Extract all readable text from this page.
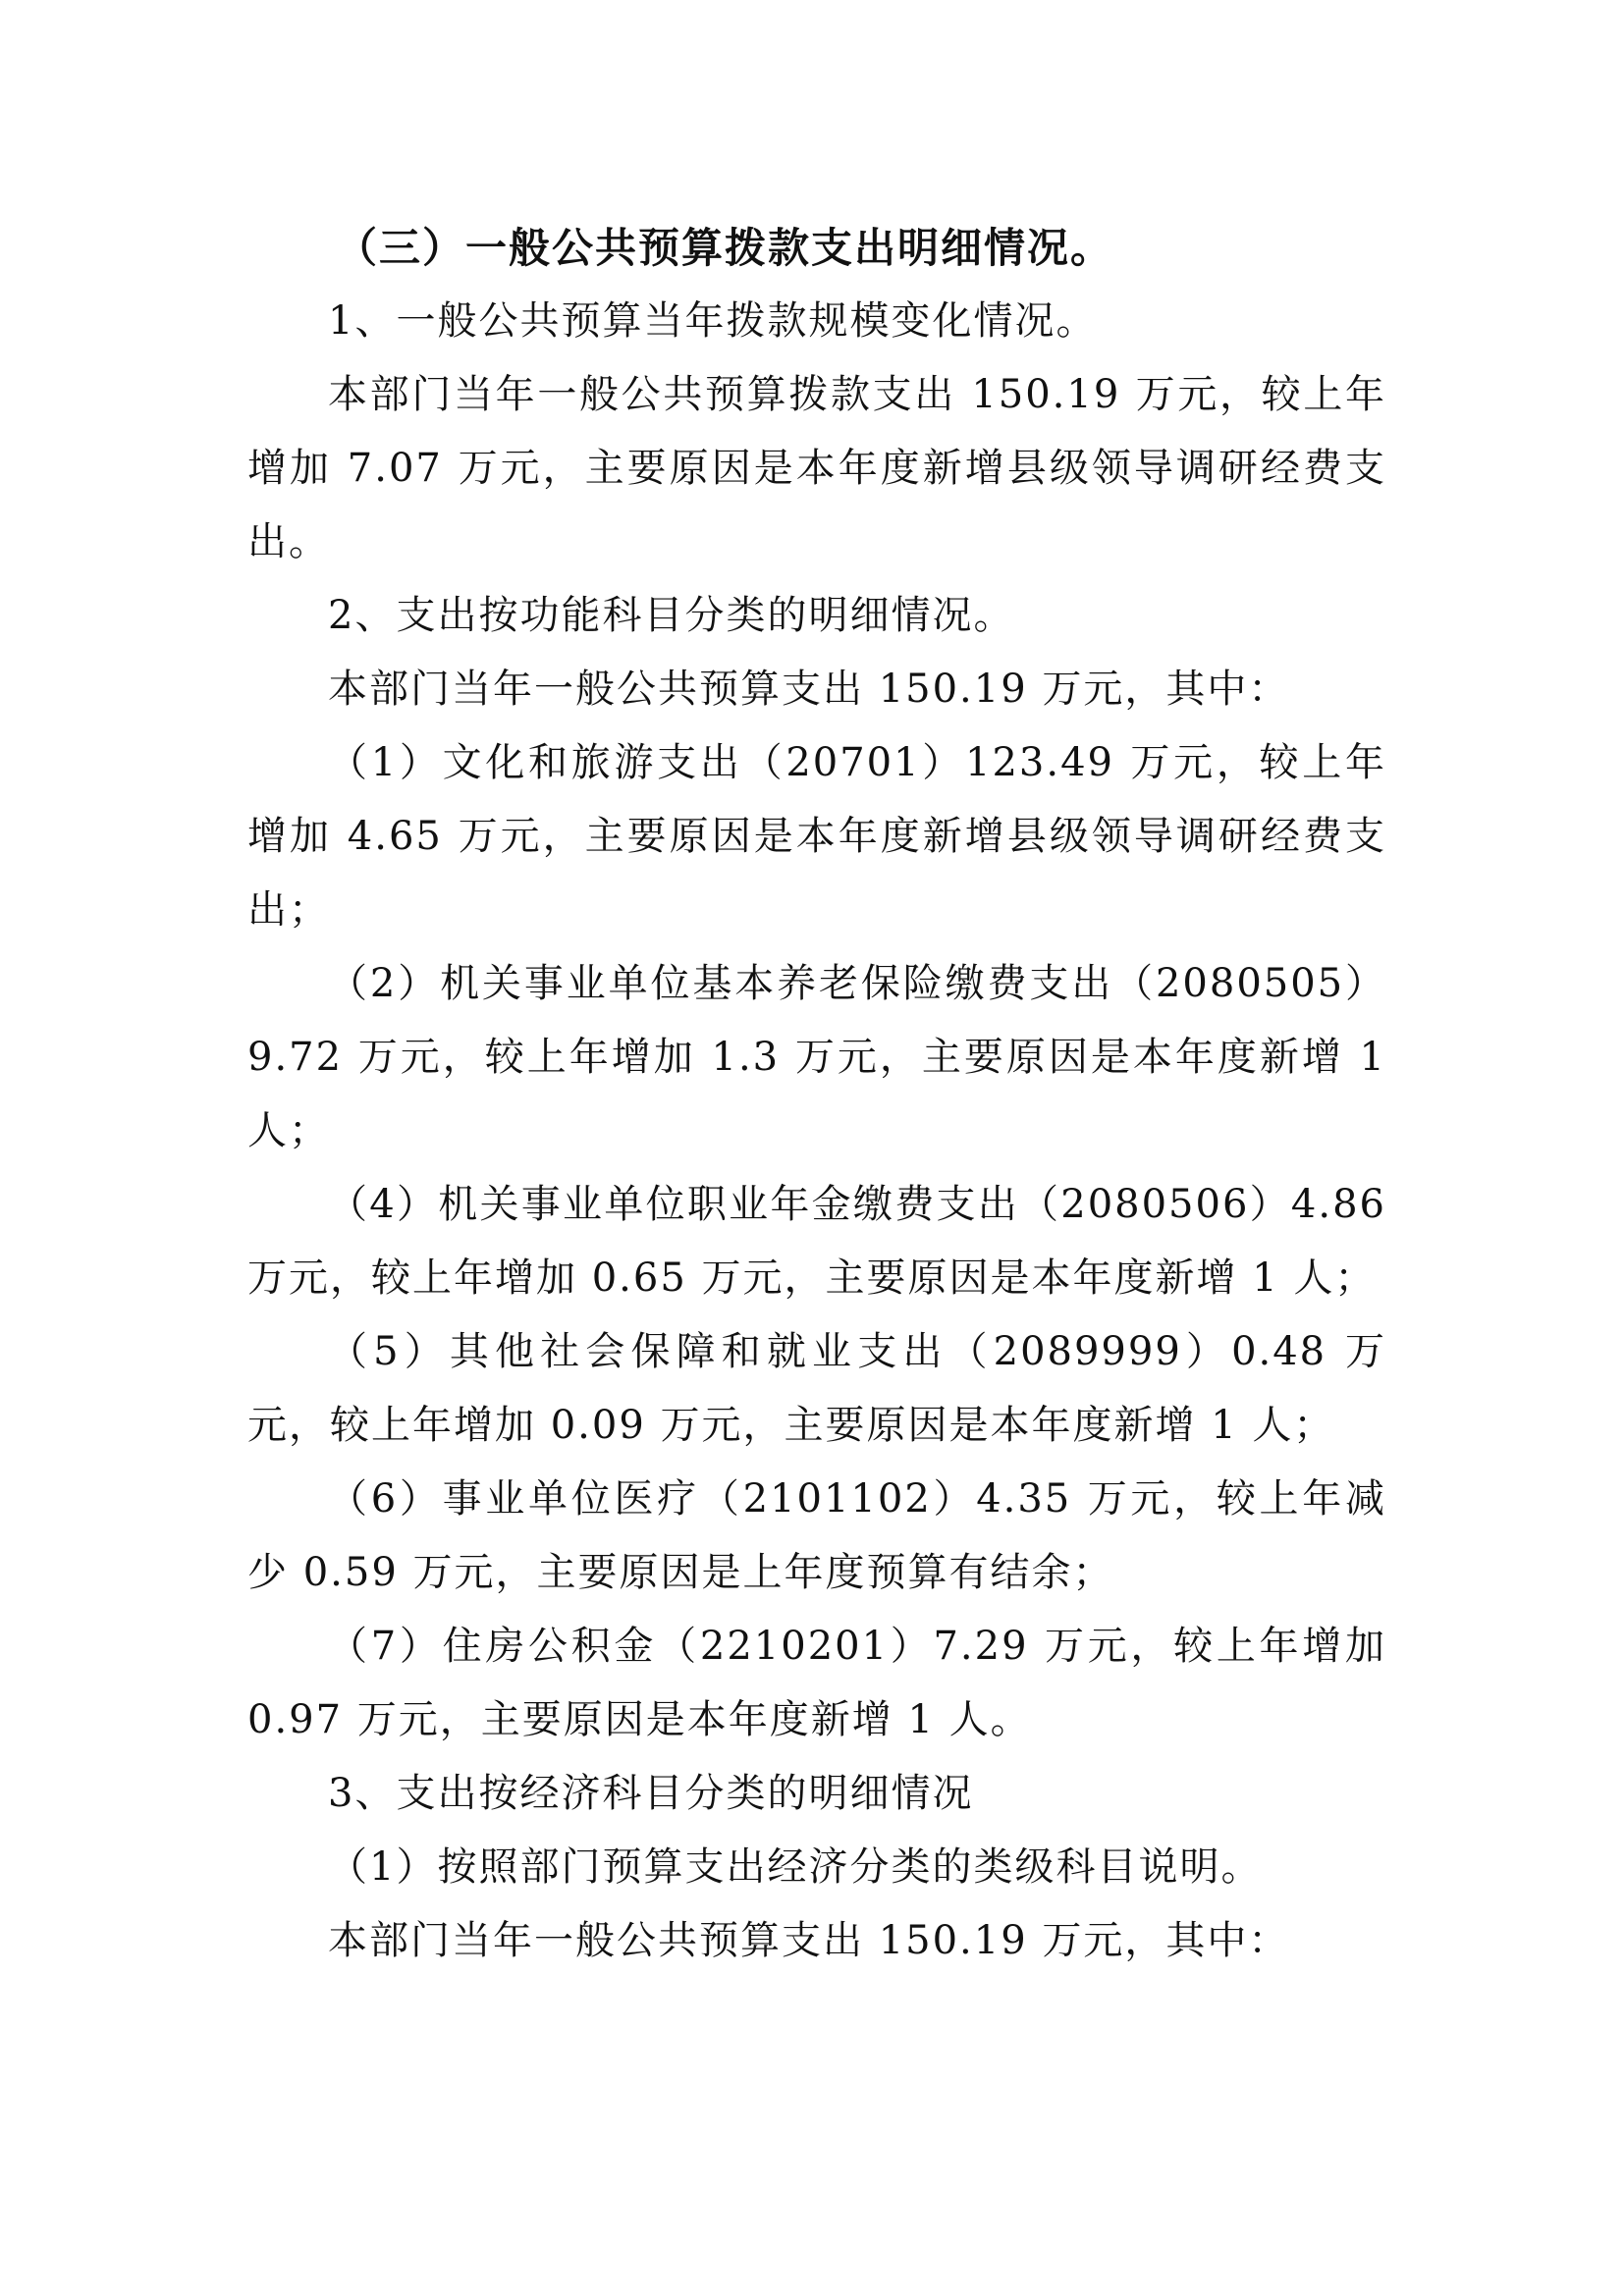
（三）一般公共预算拨款支出明细情况。

1、一般公共预算当年拨款规模变化情况。

本部门当年一般公共预算拨款支出 150.19 万元，较上年增加 7.07 万元，主要原因是本年度新增县级领导调研经费支出。

2、支出按功能科目分类的明细情况。

本部门当年一般公共预算支出 150.19 万元，其中：

（1）文化和旅游支出（20701）123.49 万元，较上年增加 4.65 万元，主要原因是本年度新增县级领导调研经费支出；

（2）机关事业单位基本养老保险缴费支出（2080505）9.72 万元，较上年增加 1.3 万元，主要原因是本年度新增 1 人；

（4）机关事业单位职业年金缴费支出（2080506）4.86 万元，较上年增加 0.65 万元，主要原因是本年度新增 1 人；

（5）其他社会保障和就业支出（2089999）0.48 万元，较上年增加 0.09 万元，主要原因是本年度新增 1 人；

（6）事业单位医疗（2101102）4.35 万元，较上年减少 0.59 万元，主要原因是上年度预算有结余；

（7）住房公积金（2210201）7.29 万元，较上年增加 0.97 万元，主要原因是本年度新增 1 人。

3、支出按经济科目分类的明细情况

（1）按照部门预算支出经济分类的类级科目说明。

本部门当年一般公共预算支出 150.19 万元，其中：
